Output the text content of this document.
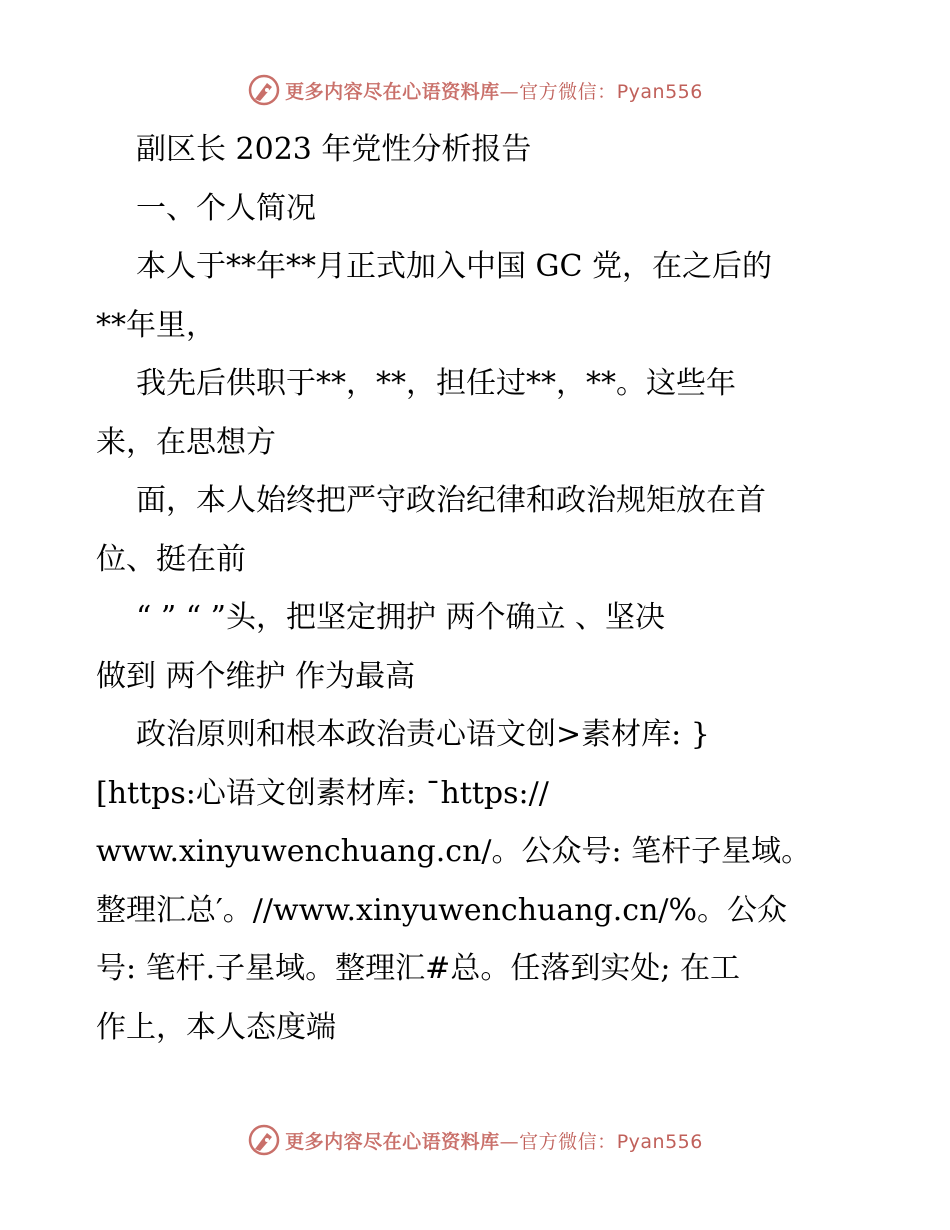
更多内容尽在心语资料库—官方微信：Pyan556

副区长 2023 年党性分析报告

一、个人简况

本人于**年**月正式加入中国 GC 党，在之后的

**年里，

我先后供职于**，**，担任过**，**。这些年

来，在思想方

面，本人始终把严守政治纪律和政治规矩放在首

位、挺在前

“ ” “ ”头，把坚定拥护 两个确立 、坚决

做到 两个维护 作为最高

政治原则和根本政治责心语文创>素材库: }

[https:心语文创素材库: ¯https://

www.xinyuwenchuang.cn/。公众号: 笔杆子星域。

整理汇总′。//www.xinyuwenchuang.cn/%。公众

号: 笔杆.子星域。整理汇#总。任落到实处; 在工

作上，本人态度端

更多内容尽在心语资料库—官方微信：Pyan556
